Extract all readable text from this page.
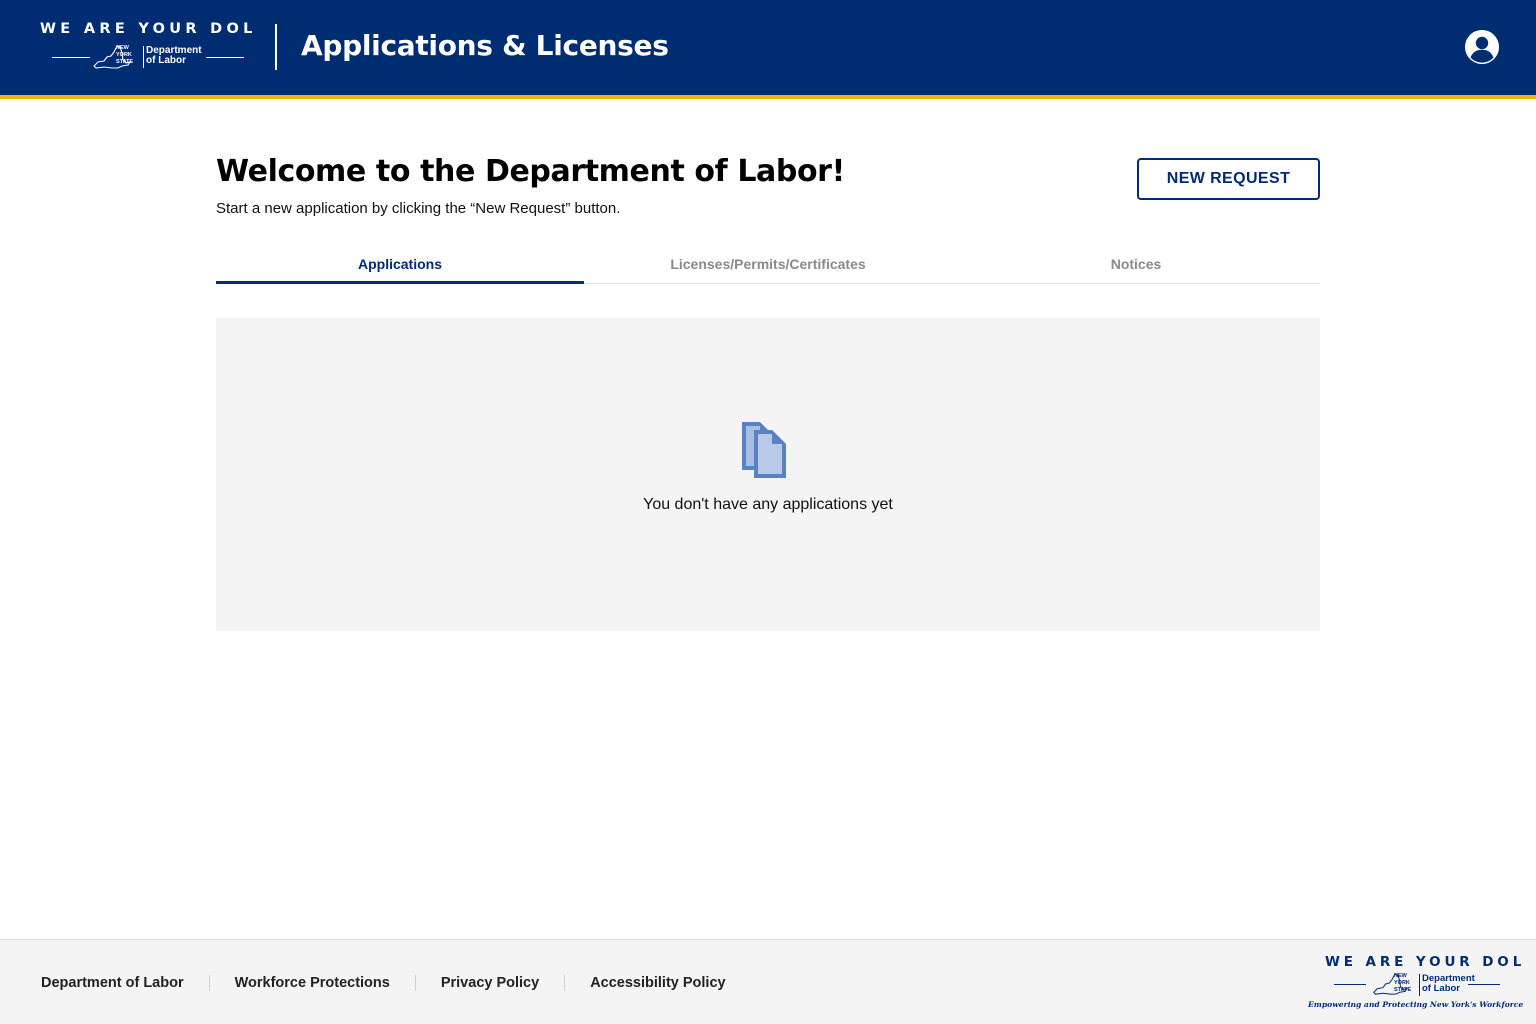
WE ARE YOUR DOL
NEW
YORK
STATE
Department
of Labor	Applications & Licenses
Welcome to the Department of Labor!

Start a new application by clicking the “New Request” button.

NEW REQUEST
Applications	Licenses/Permits/Certificates	Notices
You don't have any applications yet
Department of Labor	Workforce Protections	Privacy Policy	Accessibility Policy
WE ARE YOUR DOL
NEW
YORK
STATE
Department
of Labor
Empowering and Protecting New York's Workforce
